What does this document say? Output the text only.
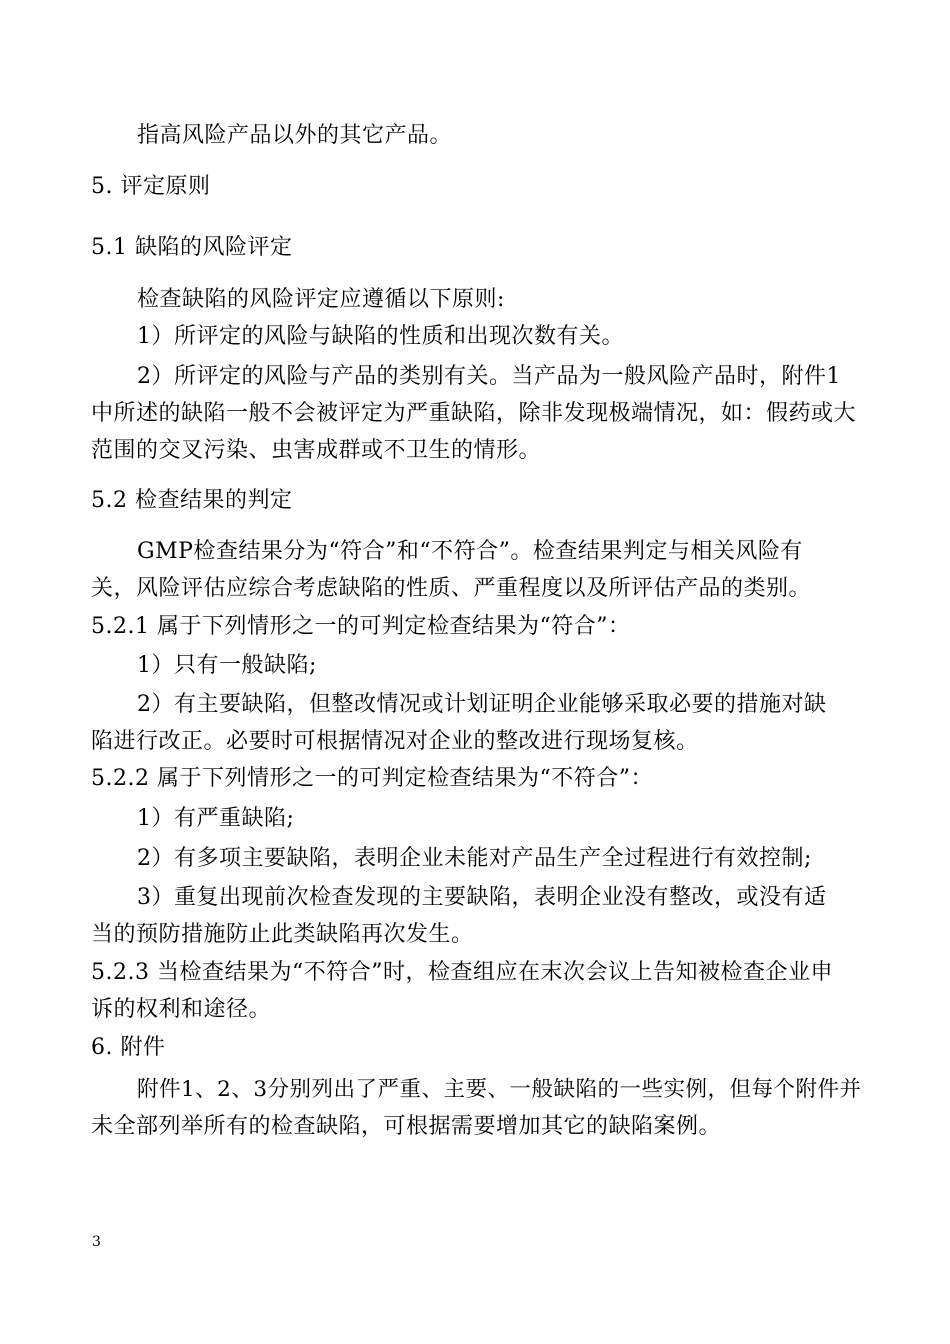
指高风险产品以外的其它产品。
5. 评定原则
5.1 缺陷的风险评定
检查缺陷的风险评定应遵循以下原则:
1）所评定的风险与缺陷的性质和出现次数有关。
2）所评定的风险与产品的类别有关。当产品为一般风险产品时，附件1
中所述的缺陷一般不会被评定为严重缺陷，除非发现极端情况，如：假药或大
范围的交叉污染、虫害成群或不卫生的情形。
5.2 检查结果的判定
GMP检查结果分为“符合”和“不符合”。检查结果判定与相关风险有
关，风险评估应综合考虑缺陷的性质、严重程度以及所评估产品的类别。
5.2.1 属于下列情形之一的可判定检查结果为“符合”：
1）只有一般缺陷;
2）有主要缺陷，但整改情况或计划证明企业能够采取必要的措施对缺
陷进行改正。必要时可根据情况对企业的整改进行现场复核。
5.2.2 属于下列情形之一的可判定检查结果为“不符合”：
1）有严重缺陷;
2）有多项主要缺陷，表明企业未能对产品生产全过程进行有效控制;
3）重复出现前次检查发现的主要缺陷，表明企业没有整改，或没有适
当的预防措施防止此类缺陷再次发生。
5.2.3 当检查结果为“不符合”时，检查组应在末次会议上告知被检查企业申
诉的权利和途径。
6. 附件
附件1、2、3分别列出了严重、主要、一般缺陷的一些实例，但每个附件并
未全部列举所有的检查缺陷，可根据需要增加其它的缺陷案例。
3
